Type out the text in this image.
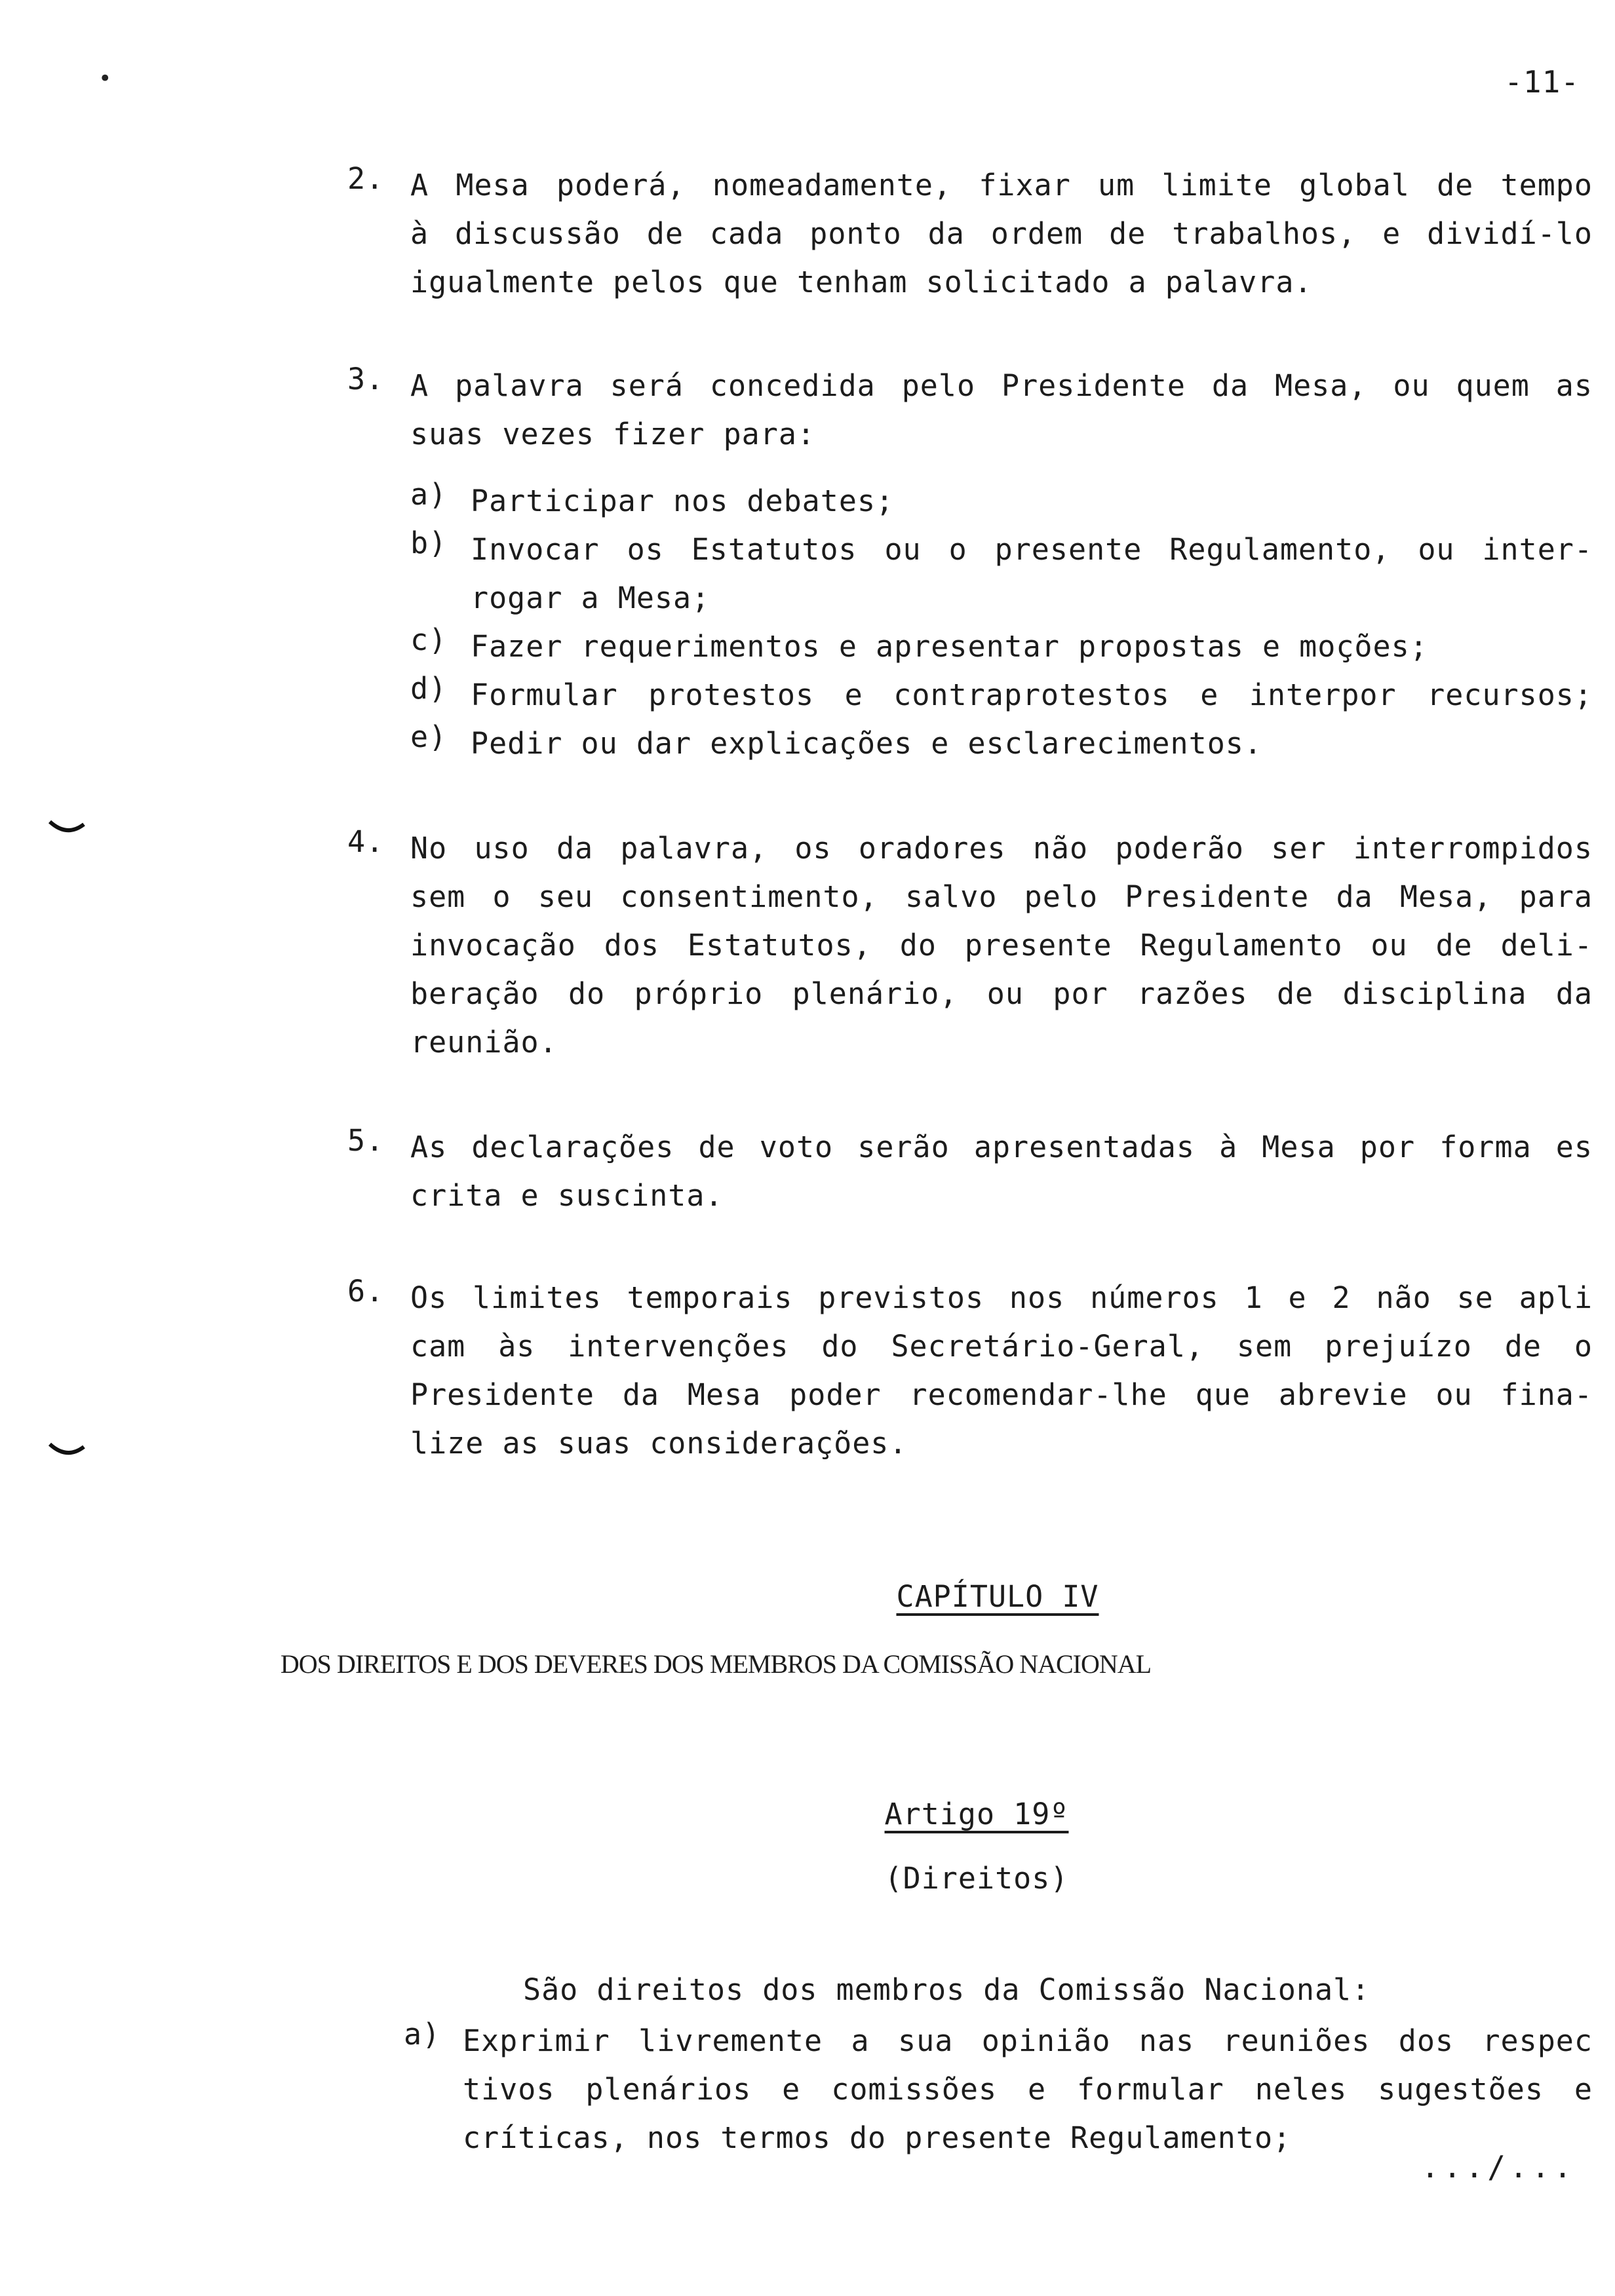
-11-
•
2. A Mesa poderá, nomeadamente, fixar um limite global de tempo
à discussão de cada ponto da ordem de trabalhos, e dividí-lo
igualmente pelos que tenham solicitado a palavra.
3. A palavra será concedida pelo Presidente da Mesa, ou quem as
suas vezes fizer para:
a) Participar nos debates;
b) Invocar os Estatutos ou o presente Regulamento, ou inter-
rogar a Mesa;
c) Fazer requerimentos e apresentar propostas e moções;
d) Formular protestos e contraprotestos e interpor recursos;
e) Pedir ou dar explicações e esclarecimentos.
4. No uso da palavra, os oradores não poderão ser interrompidos
sem o seu consentimento, salvo pelo Presidente da Mesa, para
invocação dos Estatutos, do presente Regulamento ou de deli-
beração do próprio plenário, ou por razões de disciplina da
reunião.
5. As declarações de voto serão apresentadas à Mesa por forma es
crita e suscinta.
6. Os limites temporais previstos nos números 1 e 2 não se apli
cam às intervenções do Secretário-Geral, sem prejuízo de o
Presidente da Mesa poder recomendar-lhe que abrevie ou fina-
lize as suas considerações.
CAPÍTULO IV
DOS DIREITOS E DOS DEVERES DOS MEMBROS DA COMISSÃO NACIONAL
Artigo 19º
(Direitos)
São direitos dos membros da Comissão Nacional:
a) Exprimir livremente a sua opinião nas reuniões dos respec
tivos plenários e comissões e formular neles sugestões e
críticas, nos termos do presente Regulamento;
.../...
